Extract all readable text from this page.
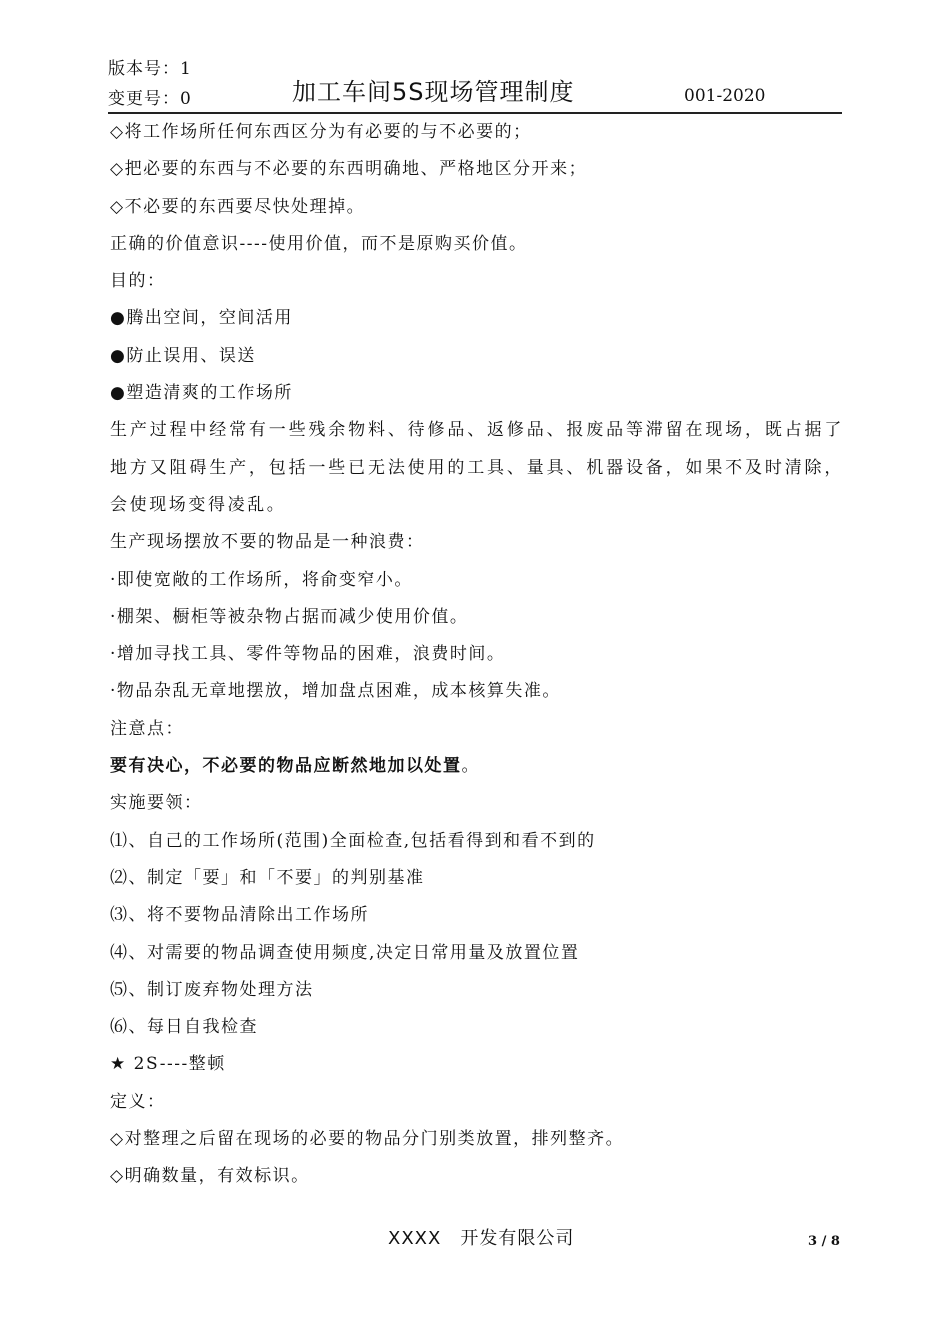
版本号：1
变更号：0	加工车间5S现场管理制度	001-2020
◇将工作场所任何东西区分为有必要的与不必要的；
◇把必要的东西与不必要的东西明确地、严格地区分开来；
◇不必要的东西要尽快处理掉。
正确的价值意识----使用价值，而不是原购买价值。
目的：
●腾出空间，空间活用
●防止误用、误送
●塑造清爽的工作场所
生产过程中经常有一些残余物料、待修品、返修品、报废品等滞留在现场，既占据了地方又阻碍生产，包括一些已无法使用的工具、量具、机器设备，如果不及时清除，会使现场变得凌乱。
生产现场摆放不要的物品是一种浪费：
·即使宽敞的工作场所，将俞变窄小。
·棚架、橱柜等被杂物占据而减少使用价值。
·增加寻找工具、零件等物品的困难，浪费时间。
·物品杂乱无章地摆放，增加盘点困难，成本核算失准。
注意点：
要有决心，不必要的物品应断然地加以处置。
实施要领：
⑴、自己的工作场所(范围)全面检查,包括看得到和看不到的
⑵、制定「要」和「不要」的判别基准
⑶、将不要物品清除出工作场所
⑷、对需要的物品调查使用频度,决定日常用量及放置位置
⑸、制订废弃物处理方法
⑹、每日自我检查
★ 2S----整顿
定义：
◇对整理之后留在现场的必要的物品分门别类放置，排列整齐。
◇明确数量，有效标识。
XXXX　开发有限公司	3 / 8
